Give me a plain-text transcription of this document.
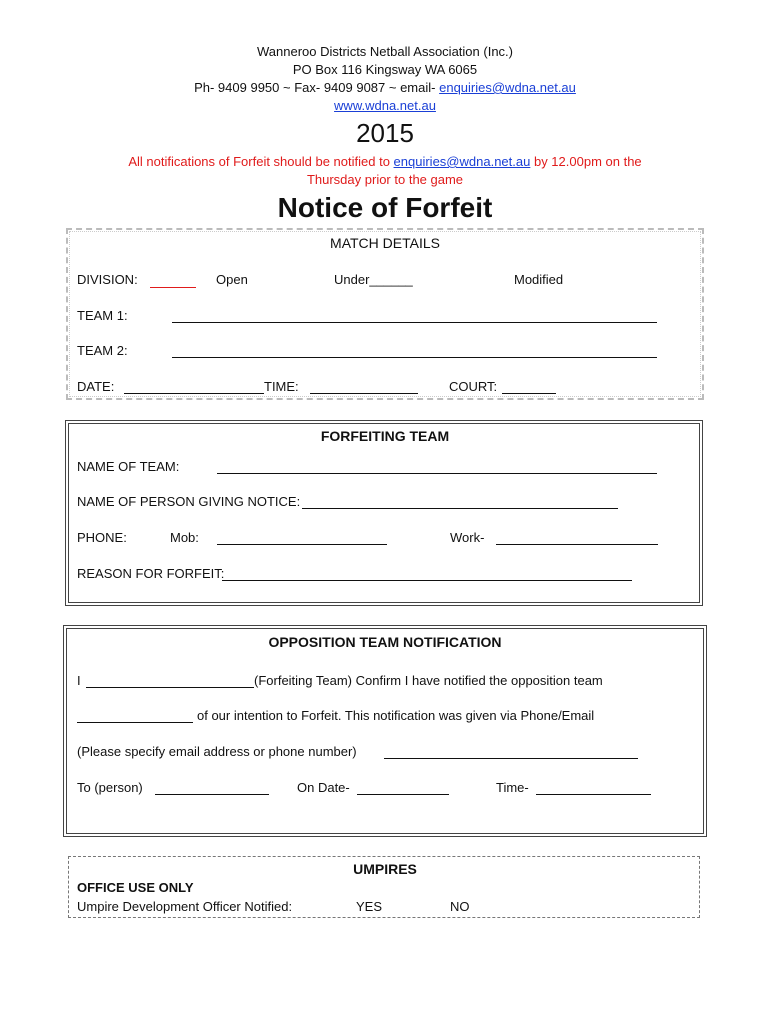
Wanneroo Districts Netball Association (Inc.)
PO Box 116 Kingsway WA 6065
Ph- 9409 9950 ~ Fax- 9409 9087 ~ email- enquiries@wdna.net.au
www.wdna.net.au
2015
All notifications of Forfeit should be notified to enquiries@wdna.net.au by 12.00pm on the
Thursday prior to the game
Notice of Forfeit
MATCH DETAILS
DIVISION:	Open	Under______	Modified
TEAM 1:
TEAM 2:
DATE:	TIME:	COURT:
FORFEITING TEAM
NAME OF TEAM:
NAME OF PERSON GIVING NOTICE:
PHONE:	Mob:	Work-
REASON FOR FORFEIT:
OPPOSITION TEAM NOTIFICATION
I	(Forfeiting Team) Confirm I have notified the opposition team
of our intention to Forfeit. This notification was given via Phone/Email
(Please specify email address or phone number)
To (person)	On Date-	Time-
UMPIRES
OFFICE USE ONLY
Umpire Development Officer Notified:	YES	NO
